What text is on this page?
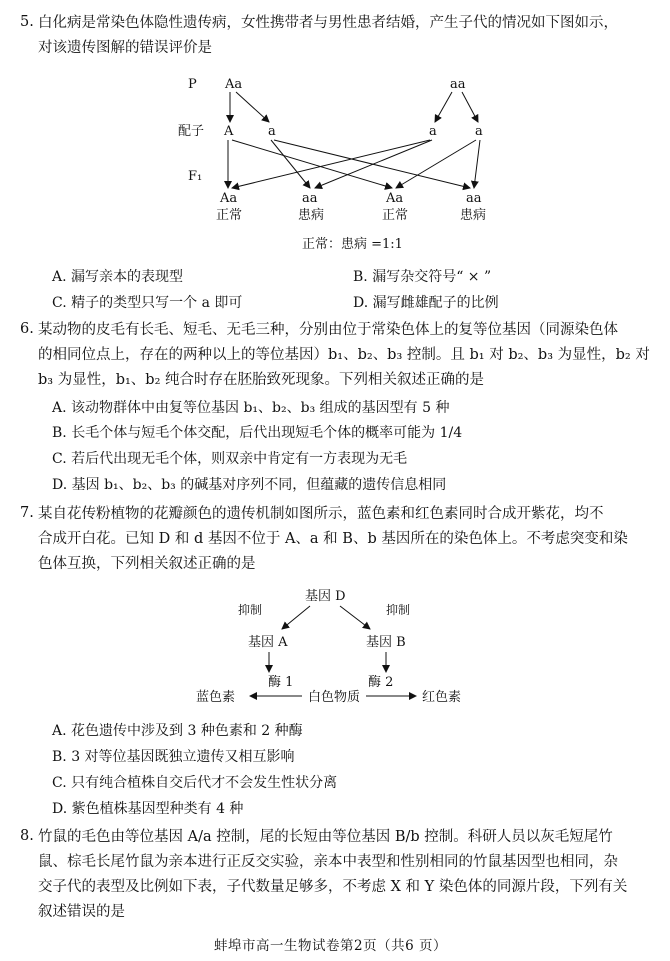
5. 白化病是常染色体隐性遗传病，女性携带者与男性患者结婚，产生子代的情况如下图如示，
对该遗传图解的错误评价是
P Aa	aa
配子 A	a	a	a
F₁
Aa	aa	Aa	aa
正常	患病	正常	患病
正常：患病 =1:1
A. 漏写亲本的表现型	B. 漏写杂交符号“ × ”
C. 精子的类型只写一个 a 即可	D. 漏写雌雄配子的比例
6. 某动物的皮毛有长毛、短毛、无毛三种，分别由位于常染色体上的复等位基因（同源染色体
的相同位点上，存在的两种以上的等位基因）b₁、b₂、b₃ 控制。且 b₁ 对 b₂、b₃ 为显性，b₂ 对
b₃ 为显性，b₁、b₂ 纯合时存在胚胎致死现象。下列相关叙述正确的是
A. 该动物群体中由复等位基因 b₁、b₂、b₃ 组成的基因型有 5 种
B. 长毛个体与短毛个体交配，后代出现短毛个体的概率可能为 1/4
C. 若后代出现无毛个体，则双亲中肯定有一方表现为无毛
D. 基因 b₁、b₂、b₃ 的碱基对序列不同，但蕴藏的遗传信息相同
7. 某自花传粉植物的花瓣颜色的遗传机制如图所示，蓝色素和红色素同时合成开紫花，均不
合成开白花。已知 D 和 d 基因不位于 A、a 和 B、b 基因所在的染色体上。不考虑突变和染
色体互换，下列相关叙述正确的是
基因 D
抑制	抑制
基因 A	基因 B
酶 1	酶 2
蓝色素	白色物质	红色素
A. 花色遗传中涉及到 3 种色素和 2 种酶
B. 3 对等位基因既独立遗传又相互影响
C. 只有纯合植株自交后代才不会发生性状分离
D. 紫色植株基因型种类有 4 种
8. 竹鼠的毛色由等位基因 A/a 控制，尾的长短由等位基因 B/b 控制。科研人员以灰毛短尾竹
鼠、棕毛长尾竹鼠为亲本进行正反交实验，亲本中表型和性别相同的竹鼠基因型也相同，杂
交子代的表型及比例如下表，子代数量足够多，不考虑 X 和 Y 染色体的同源片段，下列有关
叙述错误的是
蚌埠市高一生物试卷第2页（共6 页）
